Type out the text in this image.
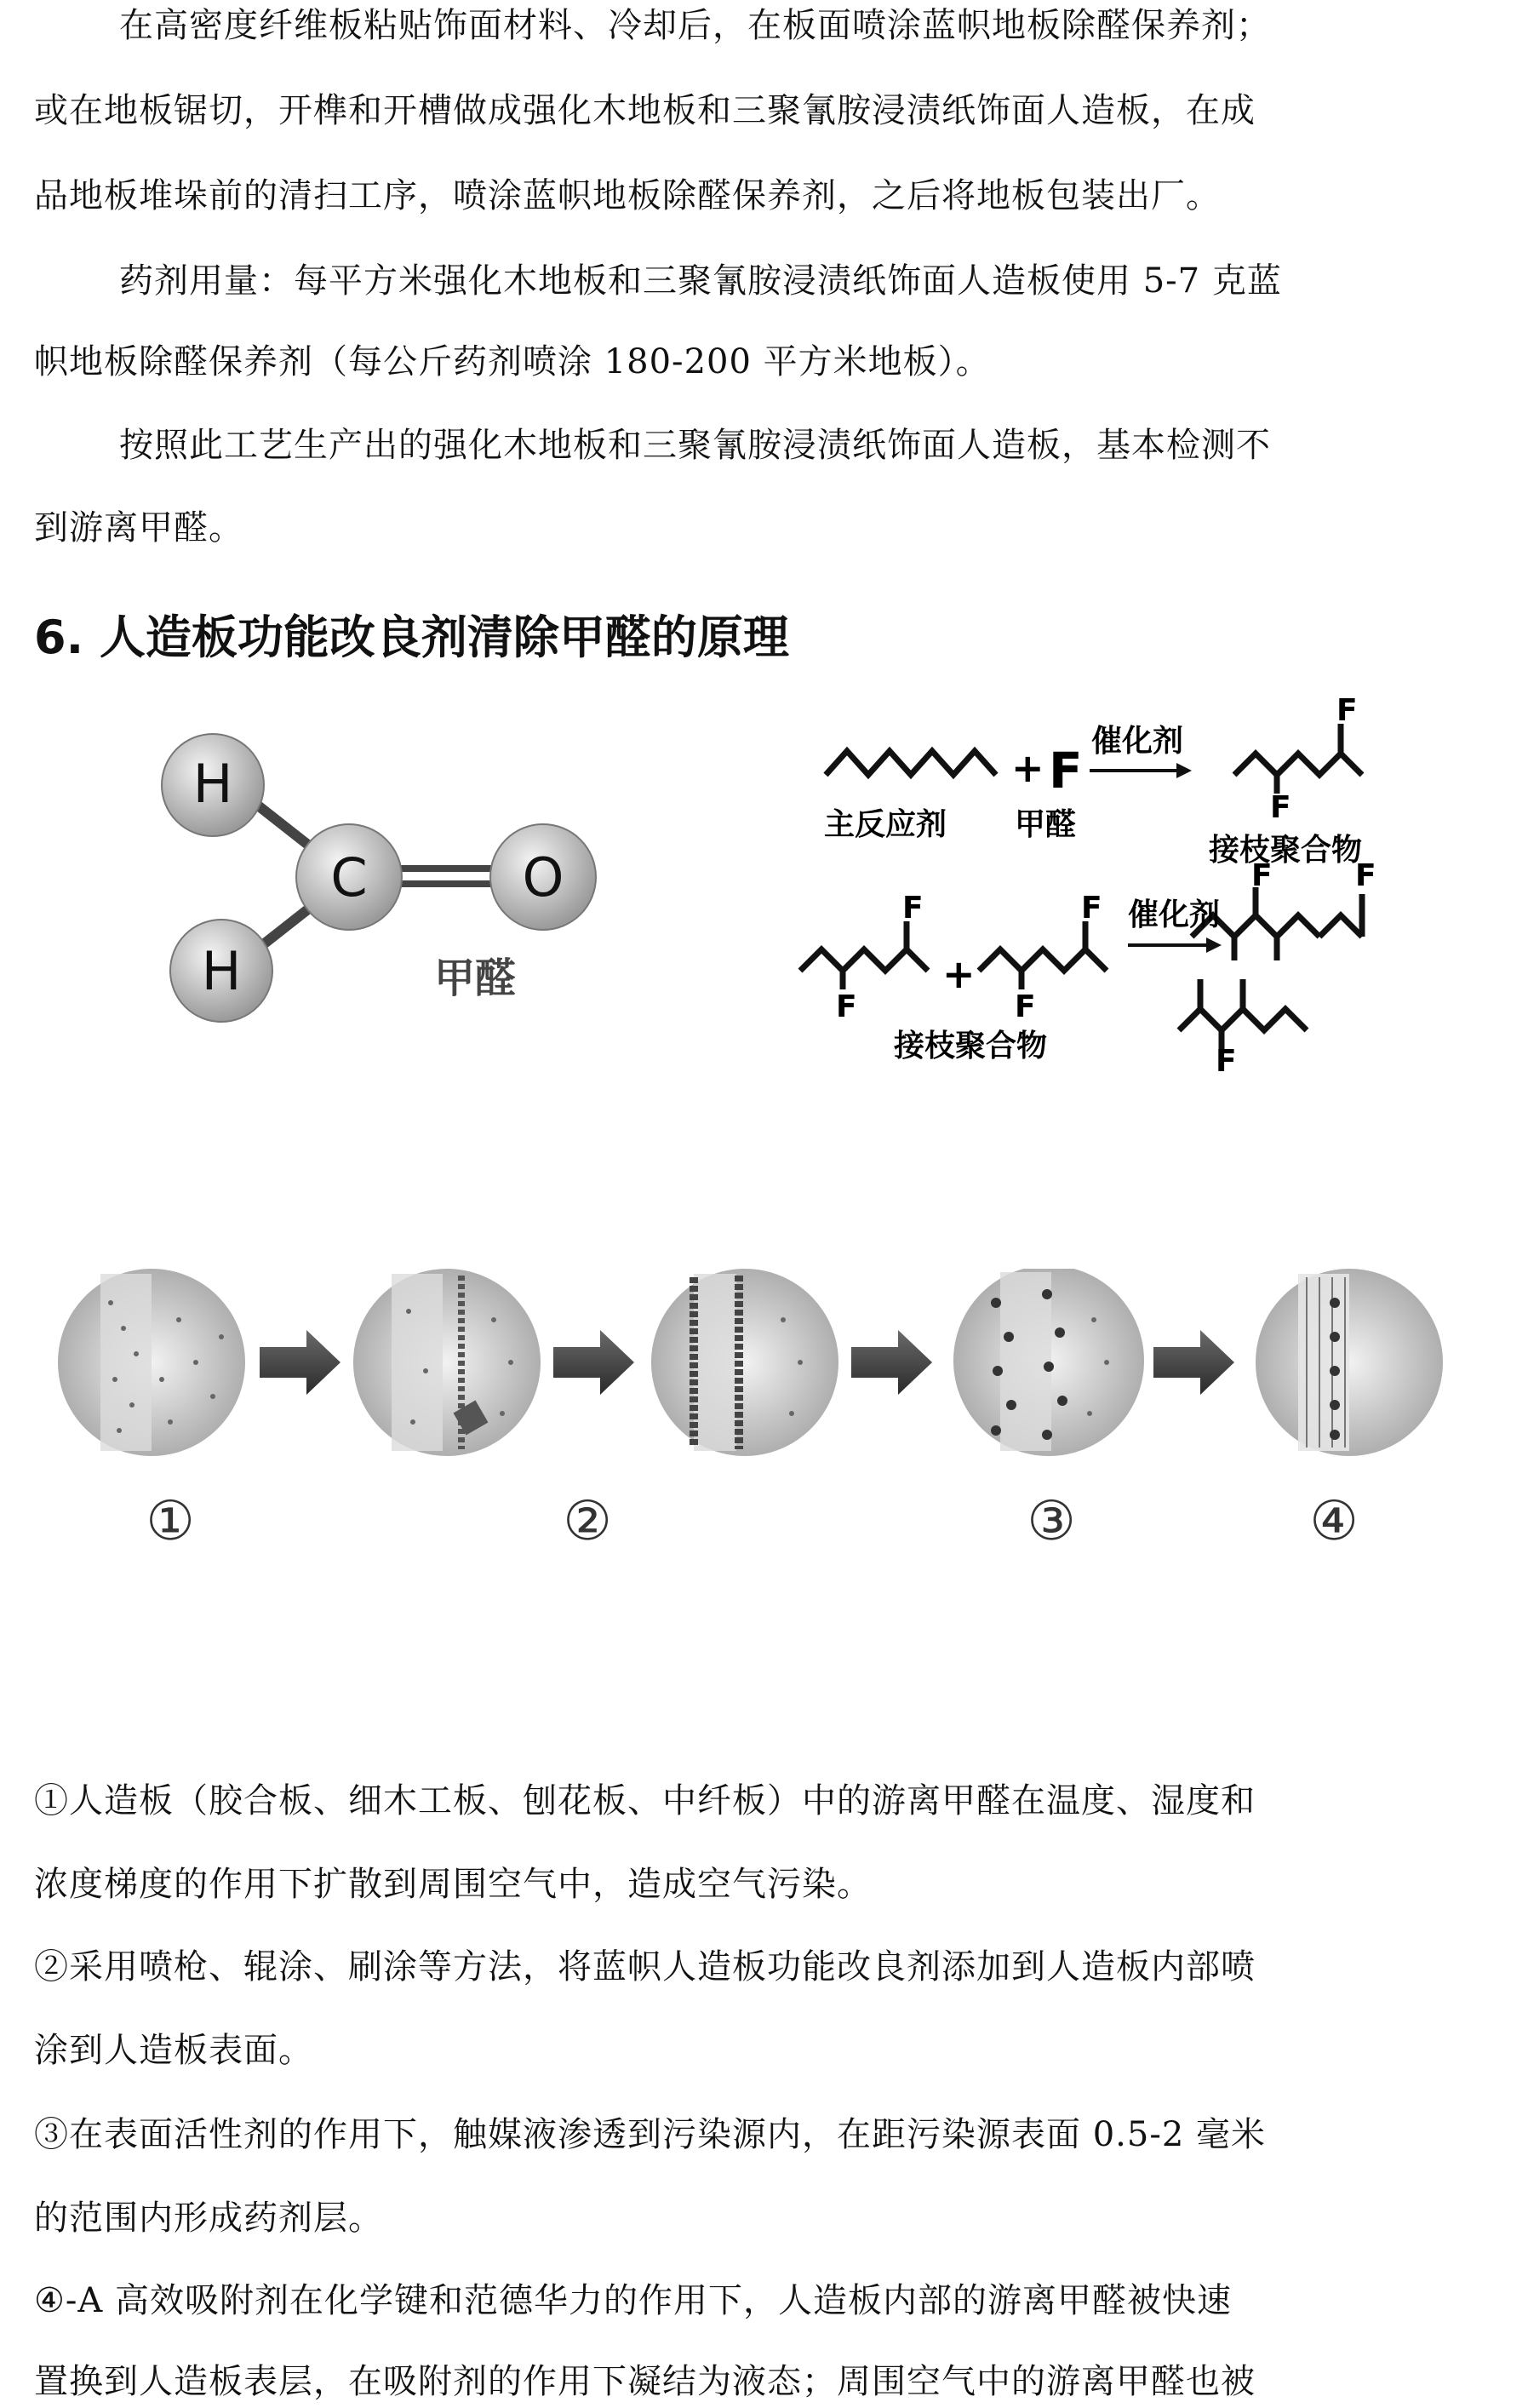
在高密度纤维板粘贴饰面材料、冷却后，在板面喷涂蓝帜地板除醛保养剂；

或在地板锯切，开榫和开槽做成强化木地板和三聚氰胺浸渍纸饰面人造板，在成

品地板堆垛前的清扫工序，喷涂蓝帜地板除醛保养剂，之后将地板包装出厂。

药剂用量：每平方米强化木地板和三聚氰胺浸渍纸饰面人造板使用 5-7 克蓝

帜地板除醛保养剂（每公斤药剂喷涂 180-200 平方米地板）。

按照此工艺生产出的强化木地板和三聚氰胺浸渍纸饰面人造板，基本检测不

到游离甲醛。

6. 人造板功能改良剂清除甲醛的原理
H
C	O
H	甲醛
+ F
催化剂
主反应剂 甲醛
F
F
接枝聚合物
F
F
+
F
F
接枝聚合物
催化剂
F
F
F
①	②	③	④

①人造板（胶合板、细木工板、刨花板、中纤板）中的游离甲醛在温度、湿度和

浓度梯度的作用下扩散到周围空气中，造成空气污染。

②采用喷枪、辊涂、刷涂等方法，将蓝帜人造板功能改良剂添加到人造板内部喷

涂到人造板表面。

③在表面活性剂的作用下，触媒液渗透到污染源内，在距污染源表面 0.5-2 毫米

的范围内形成药剂层。

④-A 高效吸附剂在化学键和范德华力的作用下，人造板内部的游离甲醛被快速

置换到人造板表层，在吸附剂的作用下凝结为液态；周围空气中的游离甲醛也被
